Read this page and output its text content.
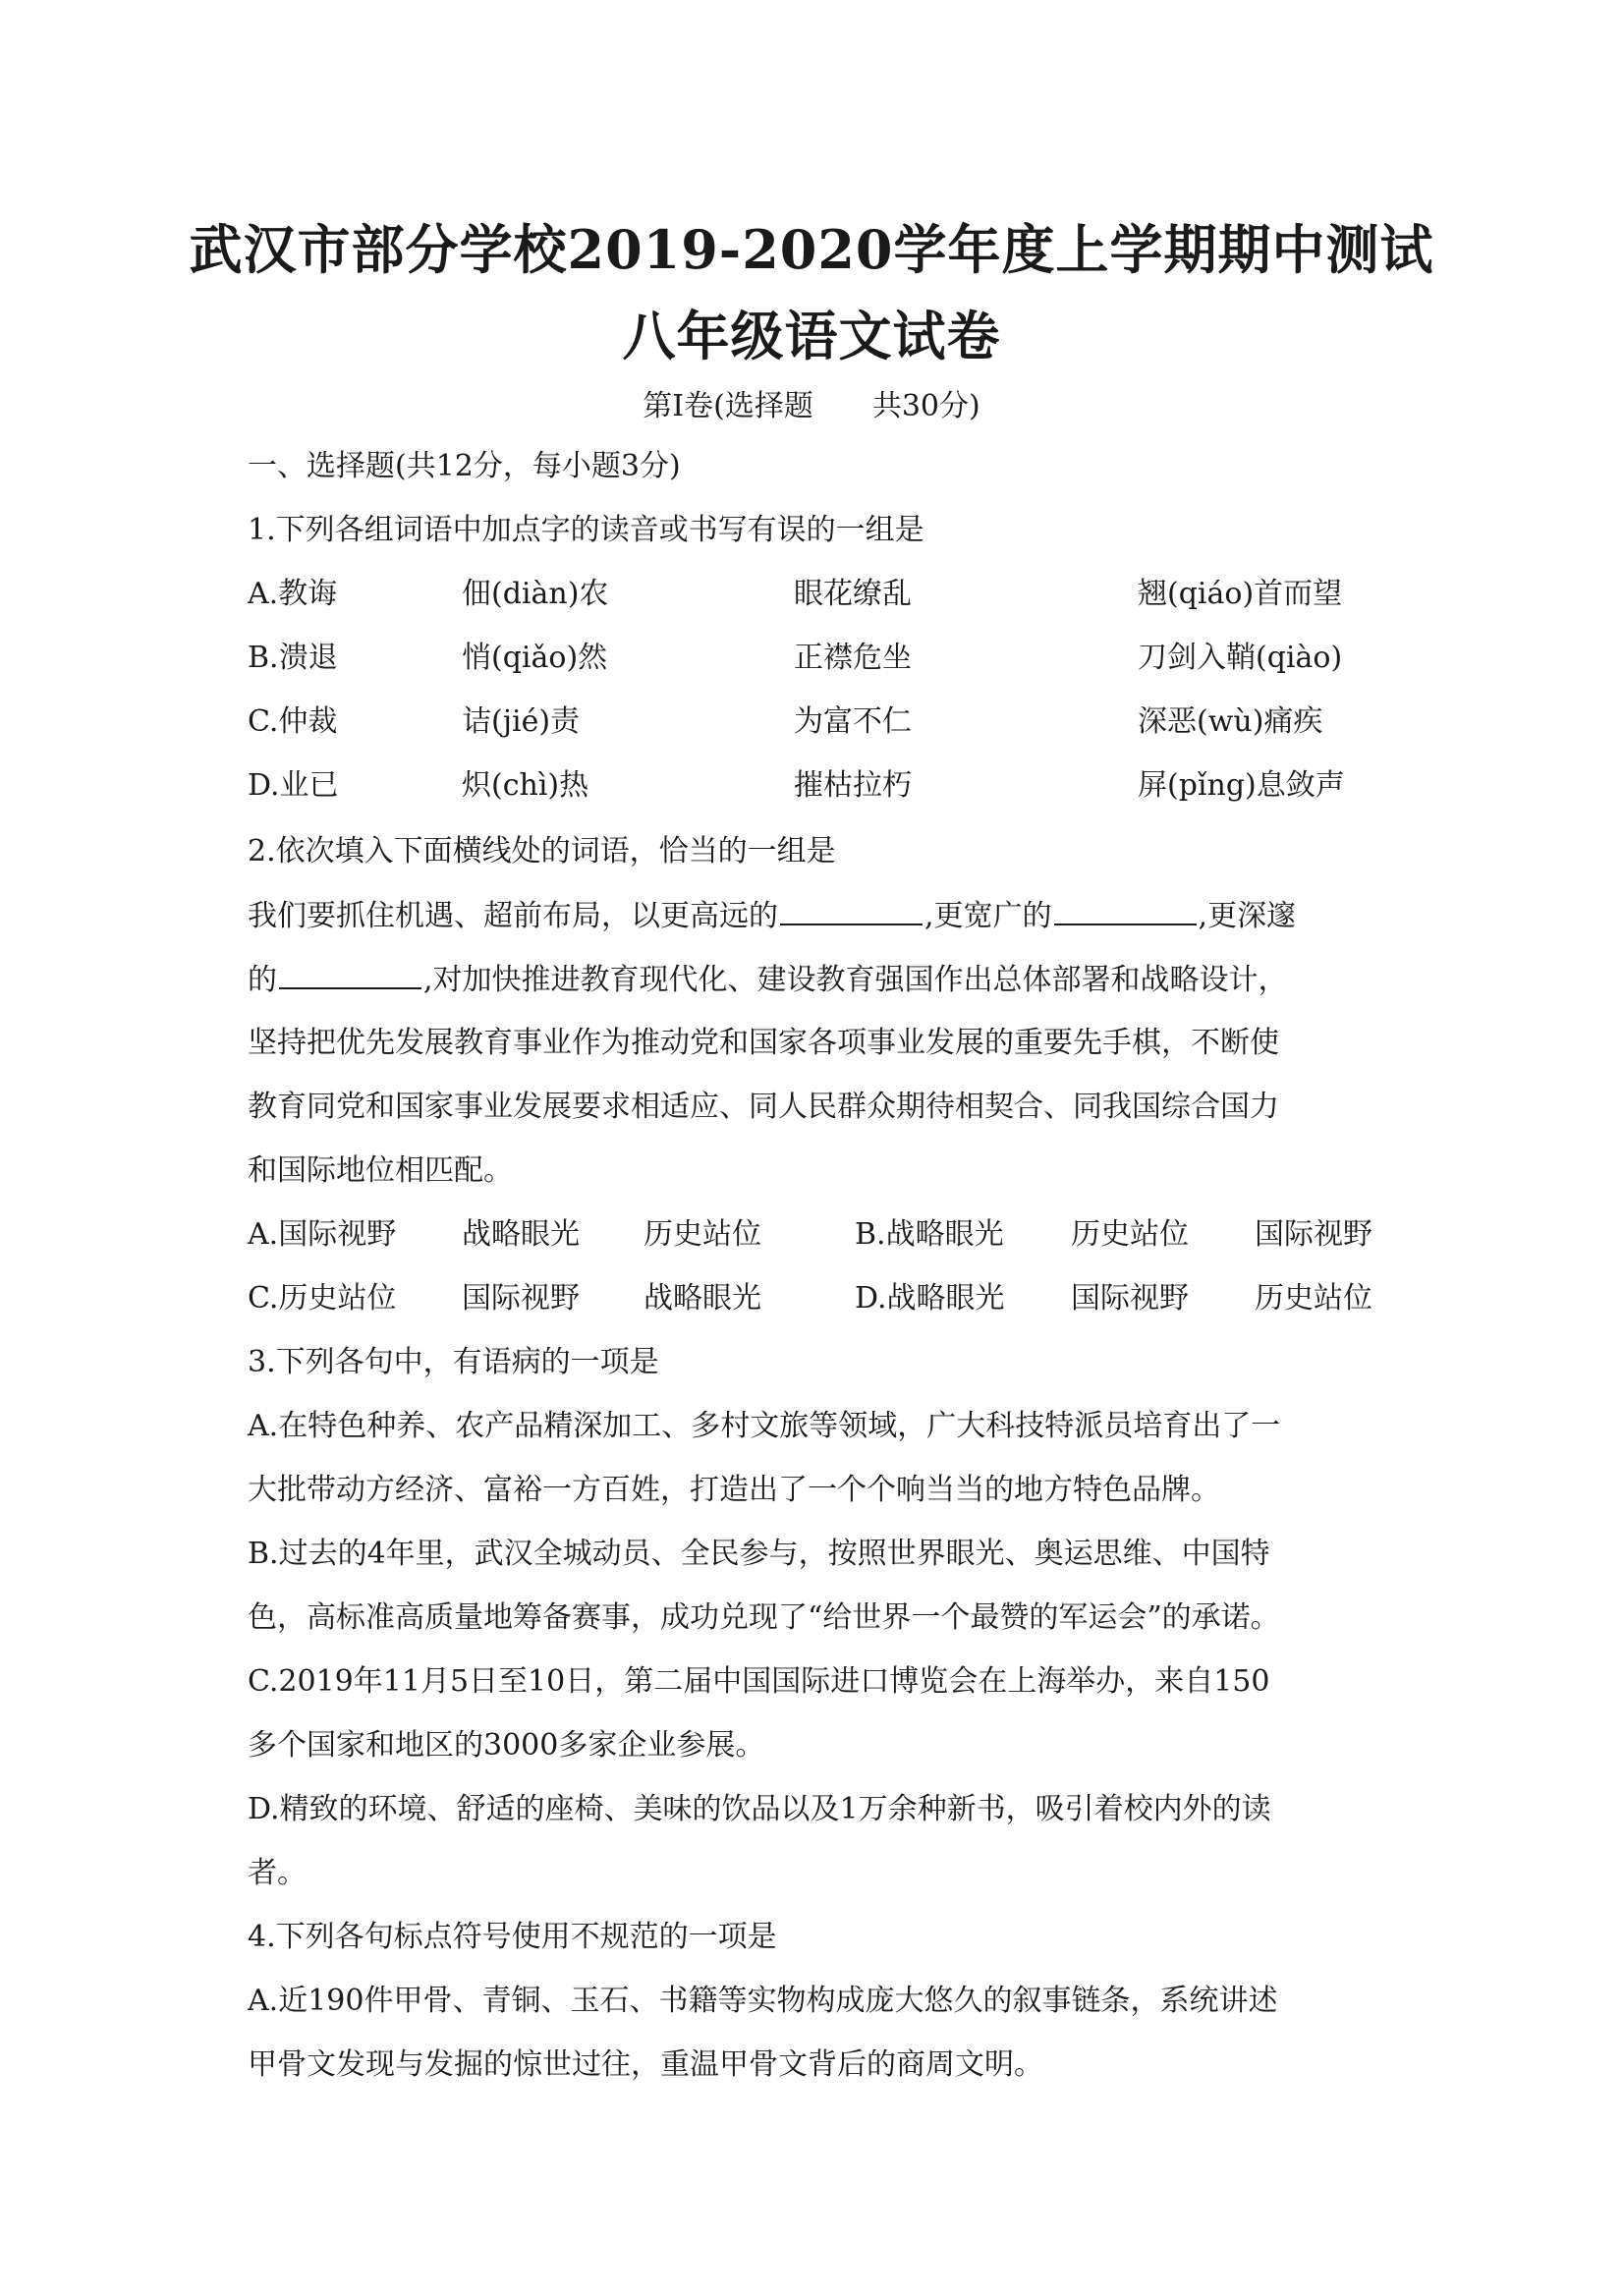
武汉市部分学校2019-2020学年度上学期期中测试
八年级语文试卷
第Ⅰ卷(选择题 共30分)
一、选择题(共12分，每小题3分)
1.下列各组词语中加点字的读音或书写有误的一组是
A.教诲	佃(diàn)农	眼花缭乱	翘(qiáo)首而望
B.溃退	悄(qiǎo)然	正襟危坐	刀剑入鞘(qiào)
C.仲裁	诘(jié)责	为富不仁	深恶(wù)痛疾
D.业已	炽(chì)热	摧枯拉朽	屏(pǐng)息敛声
2.依次填入下面横线处的词语，恰当的一组是
我们要抓住机遇、超前布局，以更高远的	,更宽广的	,更深邃
的	,对加快推进教育现代化、建设教育强国作出总体部署和战略设计，
坚持把优先发展教育事业作为推动党和国家各项事业发展的重要先手棋，不断使
教育同党和国家事业发展要求相适应、同人民群众期待相契合、同我国综合国力
和国际地位相匹配。
A.国际视野 战略眼光 历史站位	B.战略眼光 历史站位 国际视野
C.历史站位 国际视野 战略眼光	D.战略眼光 国际视野 历史站位
3.下列各句中，有语病的一项是
A.在特色种养、农产品精深加工、多村文旅等领域，广大科技特派员培育出了一
大批带动方经济、富裕一方百姓，打造出了一个个响当当的地方特色品牌。
B.过去的4年里，武汉全城动员、全民参与，按照世界眼光、奥运思维、中国特
色，高标准高质量地筹备赛事，成功兑现了“给世界一个最赞的军运会”的承诺。
C.2019年11月5日至10日，第二届中国国际进口博览会在上海举办，来自150
多个国家和地区的3000多家企业参展。
D.精致的环境、舒适的座椅、美味的饮品以及1万余种新书，吸引着校内外的读
者。
4.下列各句标点符号使用不规范的一项是
A.近190件甲骨、青铜、玉石、书籍等实物构成庞大悠久的叙事链条，系统讲述
甲骨文发现与发掘的惊世过往，重温甲骨文背后的商周文明。
